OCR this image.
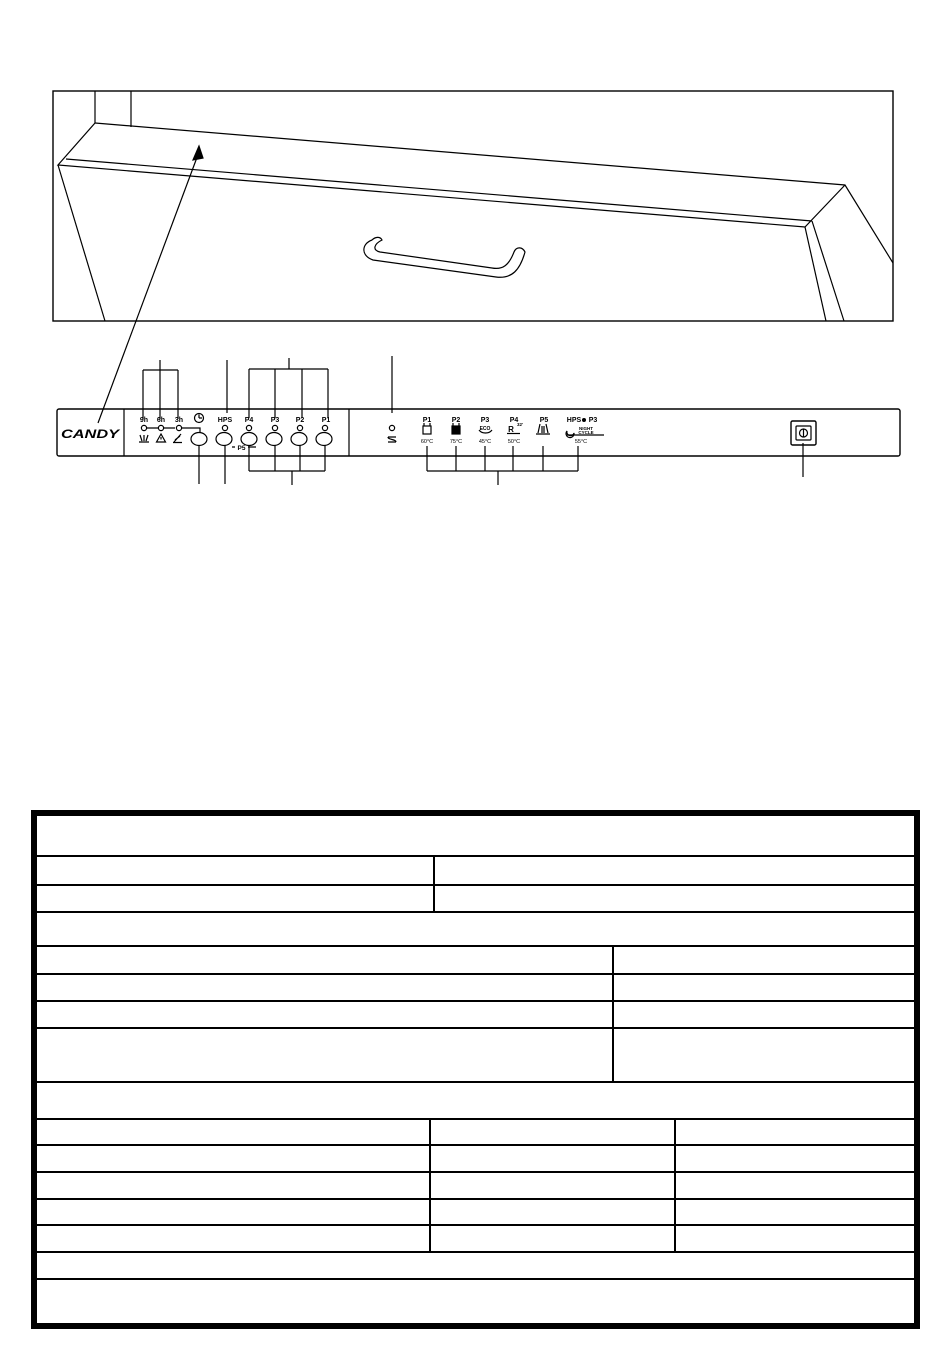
CANDY
9h 6h 3h	HPS P4 P3 P2 P1
P5
P1	P2	P3	P4	P5	HPS P3
ECO R
32'
NIGHT
CYCLE
60°C	75°C	45°C	50°C	55°C
